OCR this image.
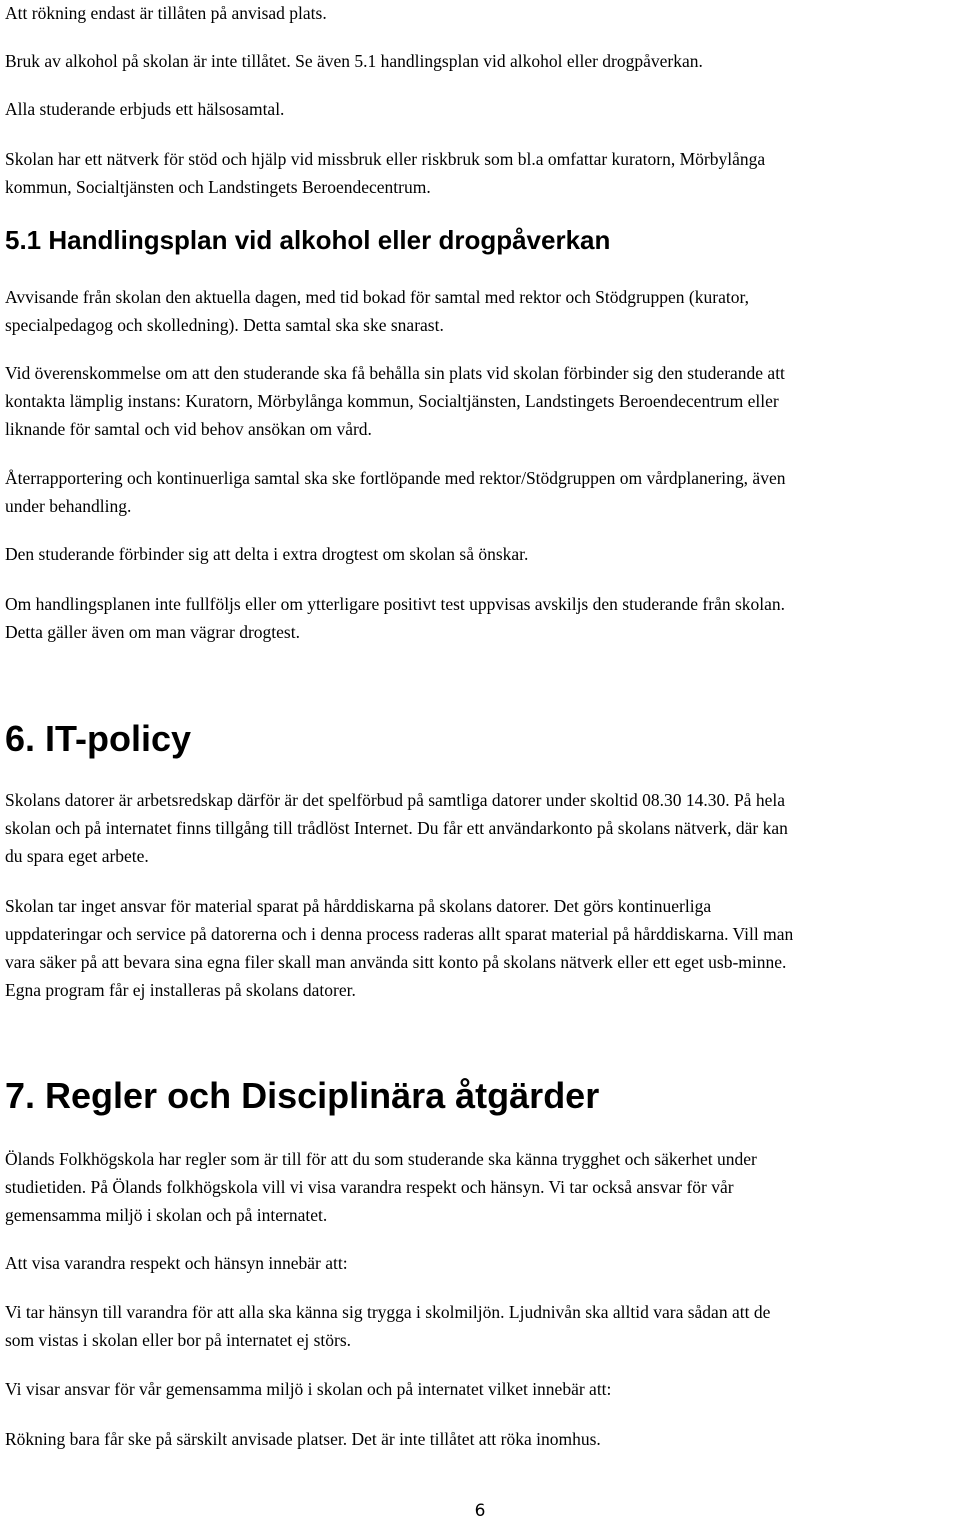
Att rökning endast är tillåten på anvisad plats.

Bruk av alkohol på skolan är inte tillåtet. Se även 5.1 handlingsplan vid alkohol eller drogpåverkan.

Alla studerande erbjuds ett hälsosamtal.

Skolan har ett nätverk för stöd och hjälp vid missbruk eller riskbruk som bl.a omfattar kuratorn, Mörbylånga
kommun, Socialtjänsten och Landstingets Beroendecentrum.

5.1 Handlingsplan vid alkohol eller drogpåverkan

Avvisande från skolan den aktuella dagen, med tid bokad för samtal med rektor och Stödgruppen (kurator,
specialpedagog och skolledning). Detta samtal ska ske snarast.

Vid överenskommelse om att den studerande ska få behålla sin plats vid skolan förbinder sig den studerande att
kontakta lämplig instans: Kuratorn, Mörbylånga kommun, Socialtjänsten, Landstingets Beroendecentrum eller
liknande för samtal och vid behov ansökan om vård.

Återrapportering och kontinuerliga samtal ska ske fortlöpande med rektor/Stödgruppen om vårdplanering, även
under behandling.

Den studerande förbinder sig att delta i extra drogtest om skolan så önskar.

Om handlingsplanen inte fullföljs eller om ytterligare positivt test uppvisas avskiljs den studerande från skolan.
Detta gäller även om man vägrar drogtest.

6. IT-policy

Skolans datorer är arbetsredskap därför är det spelförbud på samtliga datorer under skoltid 08.30 14.30. På hela
skolan och på internatet finns tillgång till trådlöst Internet. Du får ett användarkonto på skolans nätverk, där kan
du spara eget arbete.

Skolan tar inget ansvar för material sparat på hårddiskarna på skolans datorer. Det görs kontinuerliga
uppdateringar och service på datorerna och i denna process raderas allt sparat material på hårddiskarna. Vill man
vara säker på att bevara sina egna filer skall man använda sitt konto på skolans nätverk eller ett eget usb-minne.
Egna program får ej installeras på skolans datorer.

7. Regler och Disciplinära åtgärder

Ölands Folkhögskola har regler som är till för att du som studerande ska känna trygghet och säkerhet under
studietiden. På Ölands folkhögskola vill vi visa varandra respekt och hänsyn. Vi tar också ansvar för vår
gemensamma miljö i skolan och på internatet.

Att visa varandra respekt och hänsyn innebär att:

Vi tar hänsyn till varandra för att alla ska känna sig trygga i skolmiljön. Ljudnivån ska alltid vara sådan att de
som vistas i skolan eller bor på internatet ej störs.

Vi visar ansvar för vår gemensamma miljö i skolan och på internatet vilket innebär att:

Rökning bara får ske på särskilt anvisade platser. Det är inte tillåtet att röka inomhus.

6
